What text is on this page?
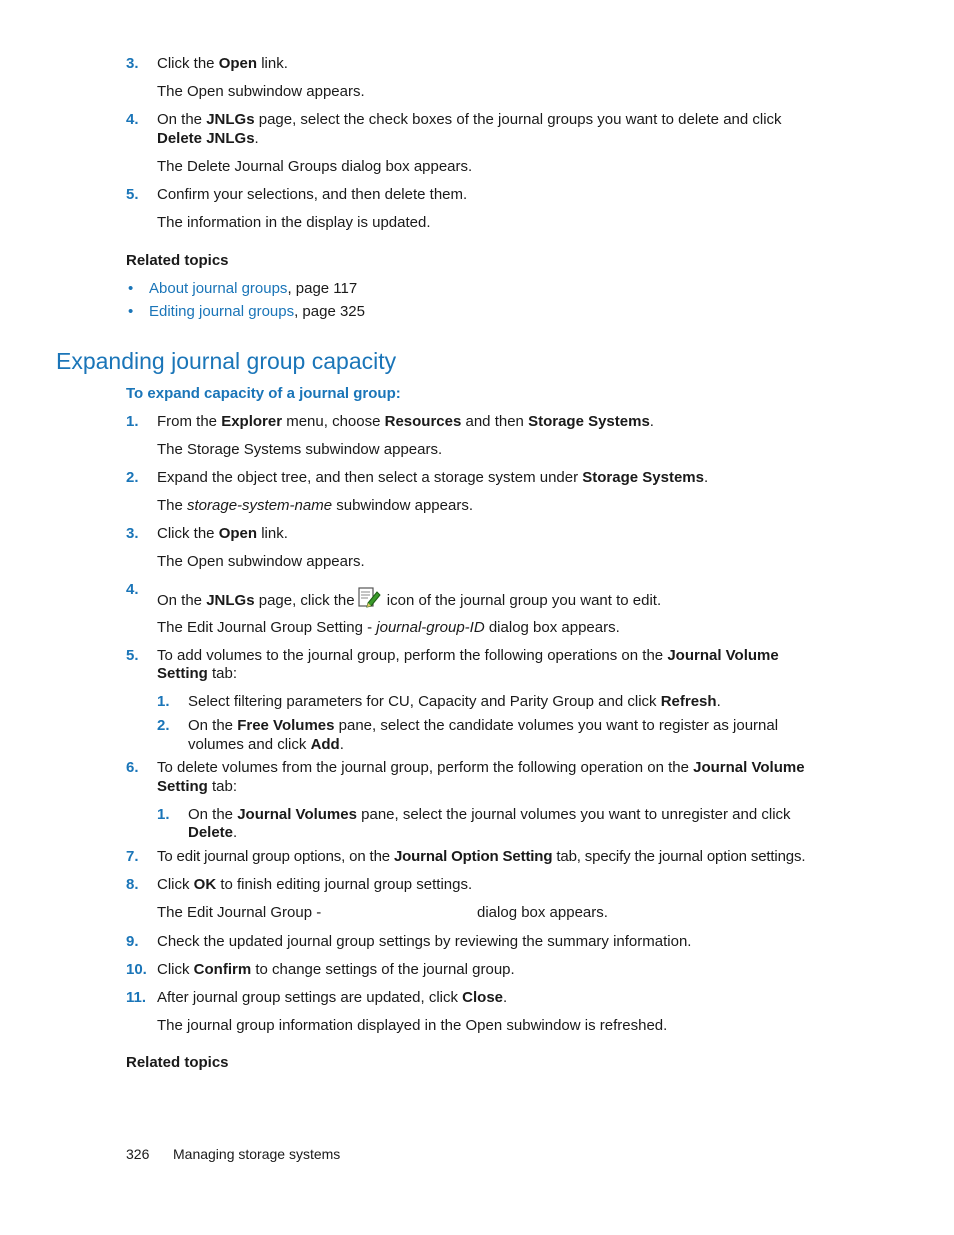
3. Click the Open link.
The Open subwindow appears.
4. On the JNLGs page, select the check boxes of the journal groups you want to delete and click
Delete JNLGs.
The Delete Journal Groups dialog box appears.
5. Confirm your selections, and then delete them.
The information in the display is updated.
Related topics
• About journal groups, page 117
• Editing journal groups, page 325
Expanding journal group capacity
To expand capacity of a journal group:
1. From the Explorer menu, choose Resources and then Storage Systems.
The Storage Systems subwindow appears.
2. Expand the object tree, and then select a storage system under Storage Systems.
The storage-system-name subwindow appears.
3. Click the Open link.
The Open subwindow appears.
4.
On the JNLGs page, click the icon of the journal group you want to edit.
The Edit Journal Group Setting - journal-group-ID dialog box appears.
5. To add volumes to the journal group, perform the following operations on the Journal Volume
Setting tab:
1. Select filtering parameters for CU, Capacity and Parity Group and click Refresh.
2. On the Free Volumes pane, select the candidate volumes you want to register as journal
volumes and click Add.
6. To delete volumes from the journal group, perform the following operation on the Journal Volume
Setting tab:
1. On the Journal Volumes pane, select the journal volumes you want to unregister and click
Delete.
7. To edit journal group options, on the Journal Option Setting tab, specify the journal option settings.
8. Click OK to finish editing journal group settings.
The Edit Journal Group -	dialog box appears.
9. Check the updated journal group settings by reviewing the summary information.
10. Click Confirm to change settings of the journal group.
11. After journal group settings are updated, click Close.
The journal group information displayed in the Open subwindow is refreshed.
Related topics
326 Managing storage systems
